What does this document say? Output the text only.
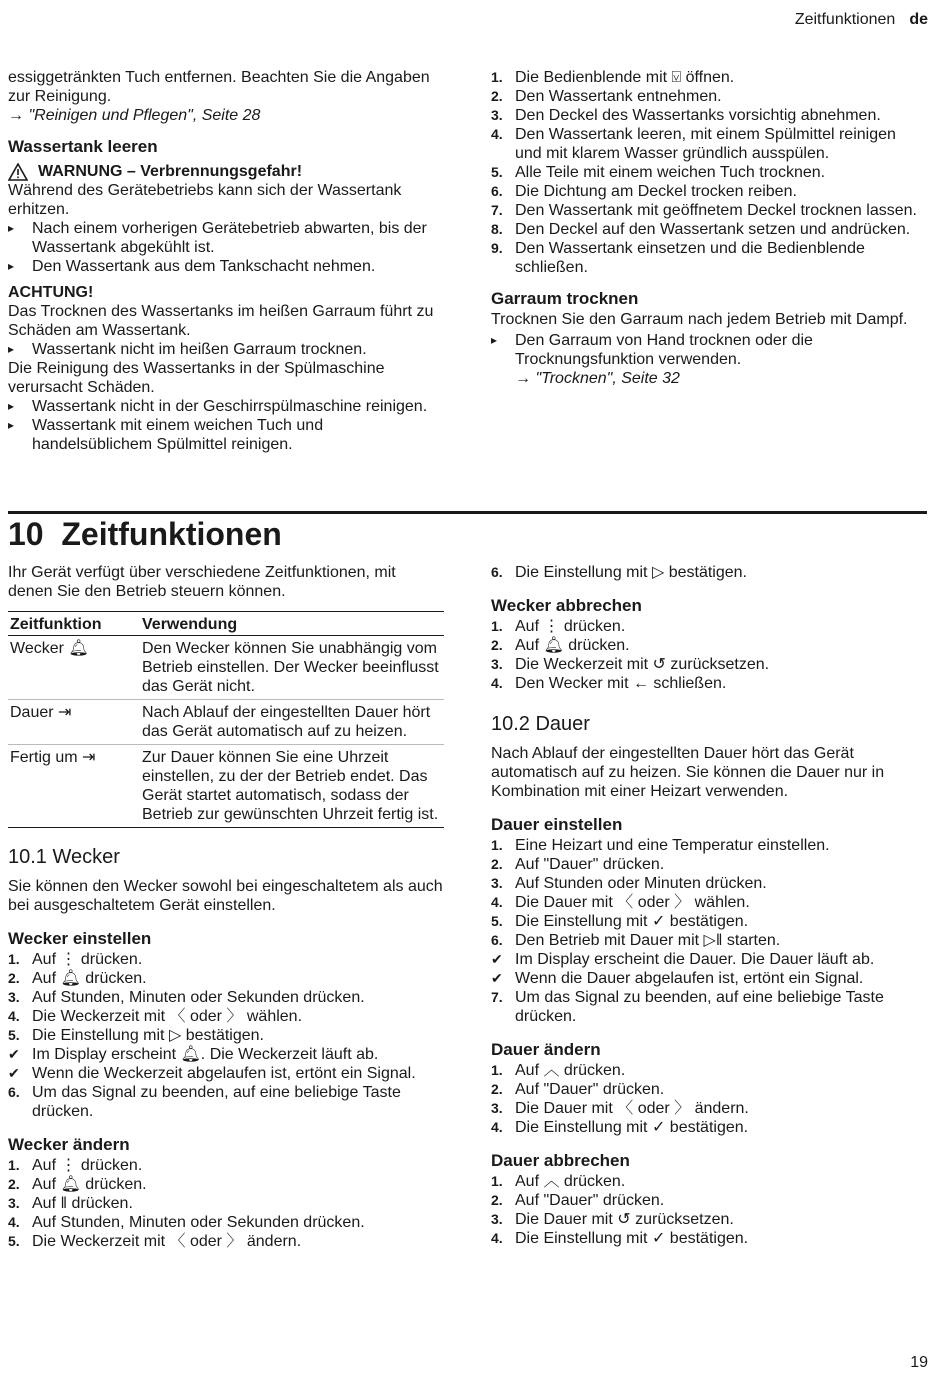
Zeitfunktionen de

essiggetränkten Tuch entfernen. Beachten Sie die Angaben zur Reinigung.

→ "Reinigen und Pflegen", Seite 28

Wassertank leeren
WARNUNG – Verbrennungsgefahr!

Während des Gerätebetriebs kann sich der Wassertank erhitzen.

▸ Nach einem vorherigen Gerätebetrieb abwarten, bis der Wassertank abgekühlt ist.

▸ Den Wassertank aus dem Tankschacht nehmen.

ACHTUNG!

Das Trocknen des Wassertanks im heißen Garraum führt zu Schäden am Wassertank.

▸ Wassertank nicht im heißen Garraum trocknen.

Die Reinigung des Wassertanks in der Spülmaschine verursacht Schäden.

▸ Wassertank nicht in der Geschirrspülmaschine reinigen.

▸ Wassertank mit einem weichen Tuch und handelsüblichem Spülmittel reinigen.

1. Die Bedienblende mit ⍌ öffnen.

2. Den Wassertank entnehmen.

3. Den Deckel des Wassertanks vorsichtig abnehmen.

4. Den Wassertank leeren, mit einem Spülmittel reinigen und mit klarem Wasser gründlich ausspülen.

5. Alle Teile mit einem weichen Tuch trocknen.

6. Die Dichtung am Deckel trocken reiben.

7. Den Wassertank mit geöffnetem Deckel trocknen lassen.

8. Den Deckel auf den Wassertank setzen und andrücken.

9. Den Wassertank einsetzen und die Bedienblende schließen.

Garraum trocknen

Trocknen Sie den Garraum nach jedem Betrieb mit Dampf.

▸ Den Garraum von Hand trocknen oder die Trocknungsfunktion verwenden.

→ "Trocknen", Seite 32

10 Zeitfunktionen

Ihr Gerät verfügt über verschiedene Zeitfunktionen, mit denen Sie den Betrieb steuern können.

Zeitfunktion	Verwendung
Wecker 🔔︎	Den Wecker können Sie unabhängig vom Betrieb einstellen. Der Wecker beeinflusst das Gerät nicht.
Dauer ⇥	Nach Ablauf der eingestellten Dauer hört das Gerät automatisch auf zu heizen.
Fertig um ⇥	Zur Dauer können Sie eine Uhrzeit einstellen, zu der der Betrieb endet. Das Gerät startet automatisch, sodass der Betrieb zur gewünschten Uhrzeit fertig ist.
10.1 Wecker

Sie können den Wecker sowohl bei eingeschaltetem als auch bei ausgeschaltetem Gerät einstellen.

Wecker einstellen

1. Auf ⋮ drücken.

2. Auf 🔔︎ drücken.

3. Auf Stunden, Minuten oder Sekunden drücken.

4. Die Weckerzeit mit 〈 oder 〉 wählen.

5. Die Einstellung mit ▷ bestätigen.

✔ Im Display erscheint 🔔︎. Die Weckerzeit läuft ab.

✔ Wenn die Weckerzeit abgelaufen ist, ertönt ein Signal.

6. Um das Signal zu beenden, auf eine beliebige Taste drücken.

Wecker ändern

1. Auf ⋮ drücken.

2. Auf 🔔︎ drücken.

3. Auf ‖ drücken.

4. Auf Stunden, Minuten oder Sekunden drücken.

5. Die Weckerzeit mit 〈 oder 〉 ändern.

6. Die Einstellung mit ▷ bestätigen.

Wecker abbrechen

1. Auf ⋮ drücken.

2. Auf 🔔︎ drücken.

3. Die Weckerzeit mit ↺ zurücksetzen.

4. Den Wecker mit ← schließen.

10.2 Dauer

Nach Ablauf der eingestellten Dauer hört das Gerät automatisch auf zu heizen. Sie können die Dauer nur in Kombination mit einer Heizart verwenden.

Dauer einstellen

1. Eine Heizart und eine Temperatur einstellen.

2. Auf "Dauer" drücken.

3. Auf Stunden oder Minuten drücken.

4. Die Dauer mit 〈 oder 〉 wählen.

5. Die Einstellung mit ✓ bestätigen.

6. Den Betrieb mit Dauer mit ▷‖ starten.

✔ Im Display erscheint die Dauer. Die Dauer läuft ab.

✔ Wenn die Dauer abgelaufen ist, ertönt ein Signal.

7. Um das Signal zu beenden, auf eine beliebige Taste drücken.

Dauer ändern

1. Auf ︿ drücken.

2. Auf "Dauer" drücken.

3. Die Dauer mit 〈 oder 〉 ändern.

4. Die Einstellung mit ✓ bestätigen.

Dauer abbrechen

1. Auf ︿ drücken.

2. Auf "Dauer" drücken.

3. Die Dauer mit ↺ zurücksetzen.

4. Die Einstellung mit ✓ bestätigen.

19
